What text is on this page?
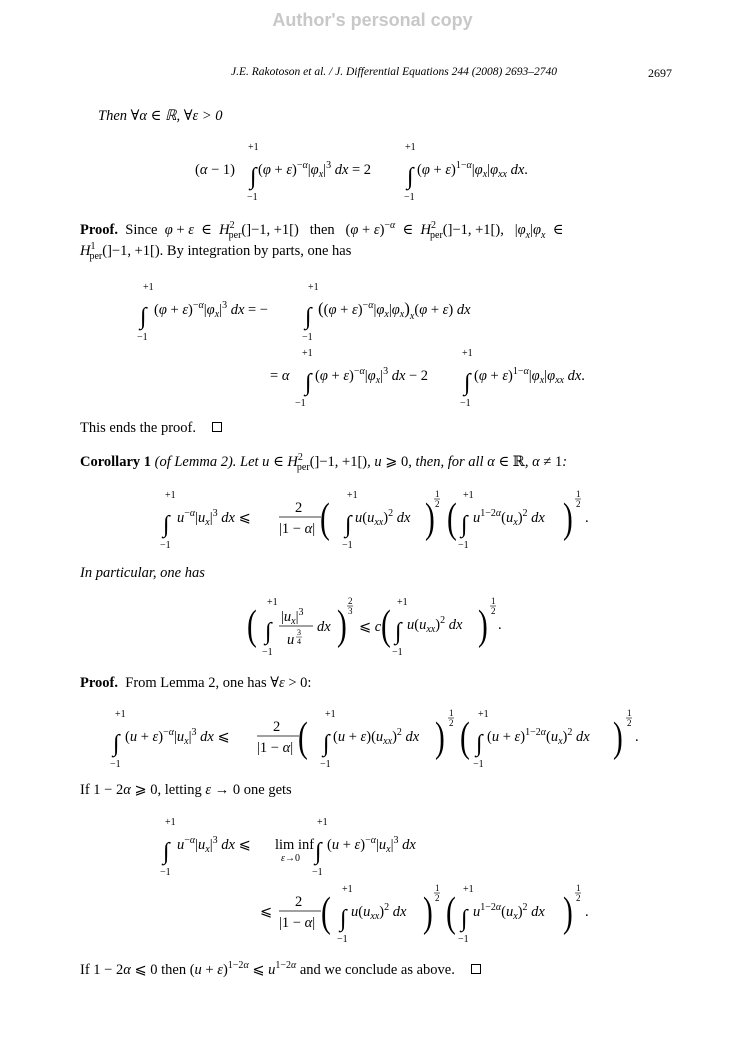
Author's personal copy
J.E. Rakotoson et al. / J. Differential Equations 244 (2008) 2693–2740	2697
Then ∀α ∈ ℝ, ∀ε > 0
+1
∫
−1
(α − 1) $(\varphi + \varepsilon)^{-\alpha}|\varphi_x|^3$ dx = 2
+1
∫
−1
$(\varphi + \varepsilon)^{1-\alpha}|\varphi_x|\varphi_{xx}$ dx.
Proof.  Since  φ + ε  ∈  $H^2_{per}(]-1$, +1[)   then   $(\varphi + \varepsilon)^{-\alpha}$  ∈  $H^2_{per}(]-1$, +1[),   $|\varphi_x|\varphi_x$  ∈
$H^1_{per}(]-1$, +1[). By integration by parts, one has
+1
∫
−1
$(\varphi + \varepsilon)^{-\alpha}|\varphi_x|^3$ dx = −
+1
∫
−1
$((\varphi + \varepsilon)^{-\alpha}|\varphi_x|\varphi_x)_x(\varphi + \varepsilon)$ dx
+1
∫
−1
= α $(\varphi + \varepsilon)^{-\alpha}|\varphi_x|^3$ dx − 2
+1
∫
−1
$(\varphi + \varepsilon)^{1-\alpha}|\varphi_x|\varphi_{xx}$ dx.
This ends the proof.
Corollary 1 (of Lemma 2). Let u ∈ $H^2_{per}(]-1$, +1[), u ⩾ 0, then, for all α ∈ ℝ, α ≠ 1:
+1
∫
−1
$u^{-\alpha}|u_x|^3$ dx ⩽
2
|1 − α| ( +1
∫
−1
$u(u_{xx})^2$ dx )
1
2 ( +1
∫
−1
$u^{1-2\alpha}(u_x)^2$ dx )
1
2
.
In particular, one has
( +1
∫
−1
$|u_x|^3$
u 3
4
dx )
2
3
⩽ c ( +1
∫
−1
$u(u_{xx})^2$ dx )
1
2
.
Proof.  From Lemma 2, one has ∀ε > 0:
+1
∫
−1
$(u + \varepsilon)^{-\alpha}|u_x|^3$ dx ⩽
2
|1 − α| ( +1
∫
−1
$(u + \varepsilon)(u_{xx})^2$ dx )
1
2 ( +1
∫
−1
$(u + \varepsilon)^{1-2\alpha}(u_x)^2$ dx )
1
2
.
If 1 − 2α ⩾ 0, letting ε → 0 one gets
+1
∫
−1
$u^{-\alpha}|u_x|^3$ dx ⩽ lim inf
ε→0
+1
∫
−1
$(u + \varepsilon)^{-\alpha}|u_x|^3$ dx
⩽
2
|1 − α| ( +1
∫
−1
$u(u_{xx})^2$ dx )
1
2 ( +1
∫
−1
$u^{1-2\alpha}(u_x)^2$ dx )
1
2
.
If 1 − 2α ⩽ 0 then $(u + \varepsilon)^{1-2\alpha}$ ⩽ $u^{1-2\alpha}$ and we conclude as above.
